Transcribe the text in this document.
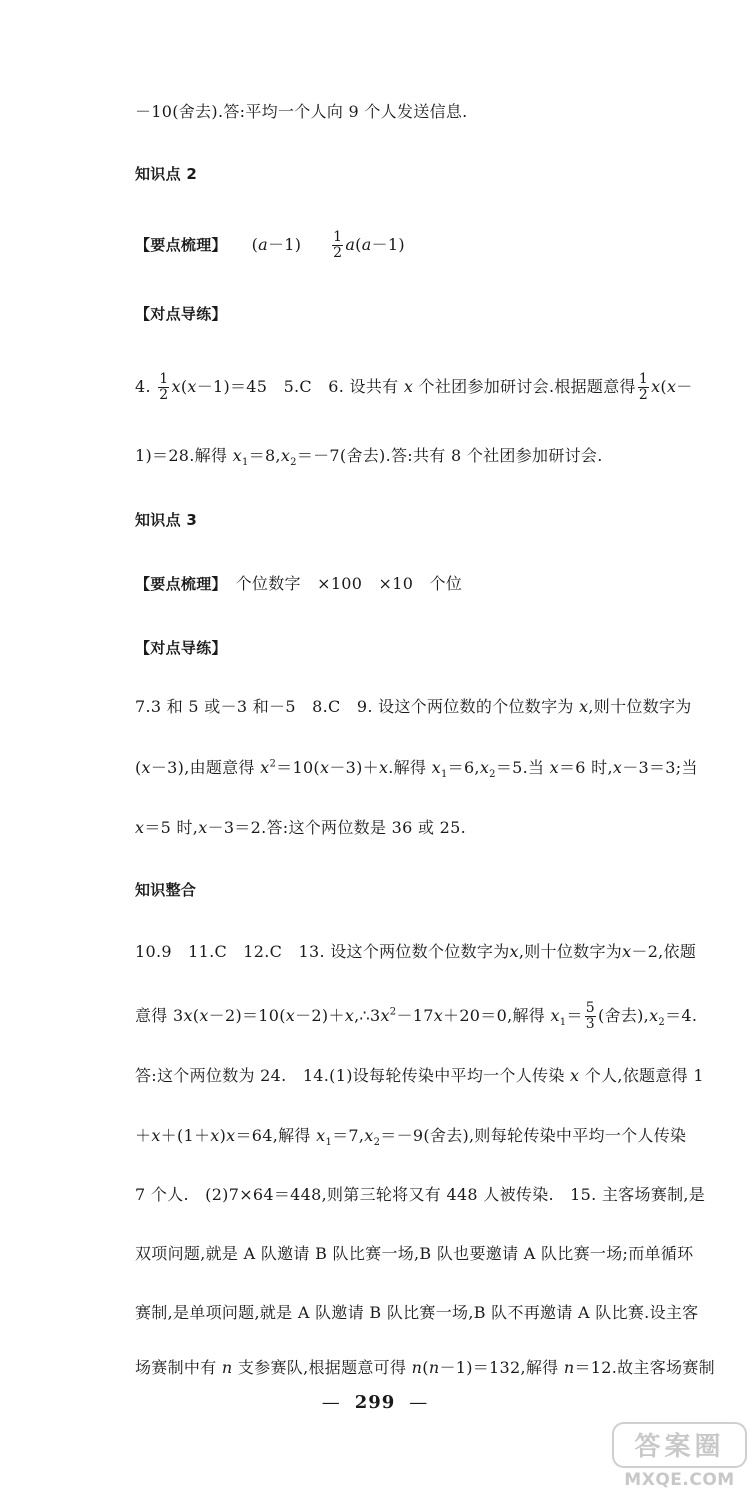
－10(舍去).答:平均一个人向 9 个人发送信息.
知识点 2
【要点梳理】 $(a-1) \frac{1}{2} a(a-1)$
【对点导练】
4. $\frac{1}{2} x(x-1)=45$　5.C　6. 设共有 x 个社团参加研讨会.根据题意得 $\frac{1}{2} x(x-$
1)＝28.解得 $x_1=8,x_2=-7$(舍去).答:共有 8 个社团参加研讨会.
知识点 3
【要点梳理】　个位数字　×100　×10　个位
【对点导练】
7.3 和 5 或－3 和－5　8.C　9. 设这个两位数的个位数字为 x,则十位数字为
(x－3),由题意得 $x^2=10(x-3)+x$.解得 $x_1=6,x_2=5$.当 x＝6 时,x－3＝3;当
x＝5 时,x－3＝2.答:这个两位数是 36 或 25.
知识整合
10.9　11.C　12.C　13. 设这个两位数个位数字为x,则十位数字为x－2,依题
意得 $3x(x-2)=10(x-2)+x,\therefore 3x^2-17x+20=0$,解得 $x_1= \frac{5}{3}$ (舍去)$,x_2=4$.
答:这个两位数为 24.　14.(1)设每轮传染中平均一个人传染 x 个人,依题意得 1
＋x＋(1＋x)x＝64,解得 $x_1=7,x_2=-9$(舍去),则每轮传染中平均一个人传染
7 个人.　(2)7×64＝448,则第三轮将又有 448 人被传染.　15. 主客场赛制,是
双项问题,就是 A 队邀请 B 队比赛一场,B 队也要邀请 A 队比赛一场;而单循环
赛制,是单项问题,就是 A 队邀请 B 队比赛一场,B 队不再邀请 A 队比赛.设主客
场赛制中有 n 支参赛队,根据题意可得 n(n－1)＝132,解得 n＝12.故主客场赛制
— 299 —
答案圈
MXQE.COM
